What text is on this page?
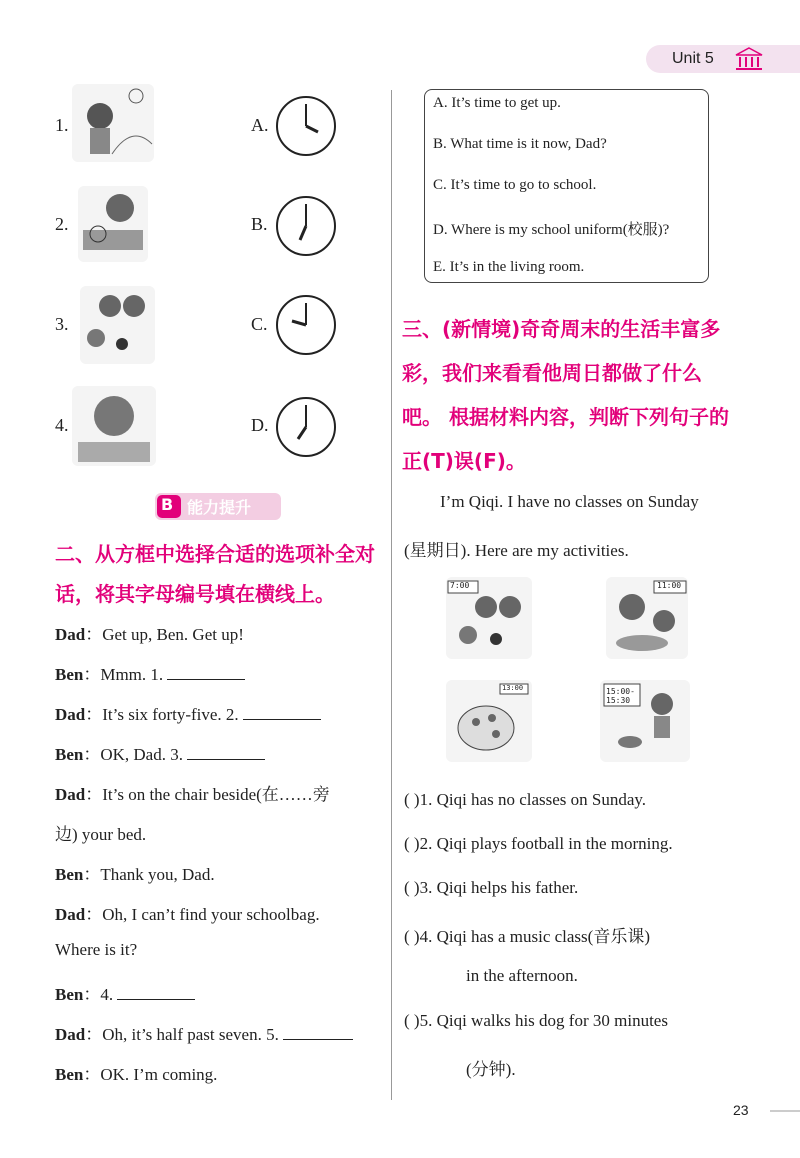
Unit 5
1.
2.
3.
4.
A.
B.
C.
D.
B 能力提升
二、从方框中选择合适的选项补全对
话，将其字母编号填在横线上。
Dad：Get up, Ben. Get up!
Ben：Mmm. 1.
Dad：It’s six forty-five. 2.
Ben：OK, Dad. 3.
Dad：It’s on the chair beside(在……旁
边) your bed.
Ben：Thank you, Dad.
Dad：Oh, I can’t find your schoolbag.
Where is it?
Ben：4.
Dad：Oh, it’s half past seven. 5.
Ben：OK. I’m coming.
A. It’s time to get up.
B. What time is it now, Dad?
C. It’s time to go to school.
D. Where is my school uniform(校服)?
E. It’s in the living room.
三、(新情境)奇奇周末的生活丰富多
彩，我们来看看他周日都做了什么
吧。 根据材料内容，判断下列句子的
正(T)误(F)。
I’m Qiqi. I have no classes on Sunday
(星期日). Here are my activities.
7:00	11:00
13:00	15:00-15:30
( )1. Qiqi has no classes on Sunday.
( )2. Qiqi plays football in the morning.
( )3. Qiqi helps his father.
( )4. Qiqi has a music class(音乐课)
in the afternoon.
( )5. Qiqi walks his dog for 30 minutes
(分钟).
23
